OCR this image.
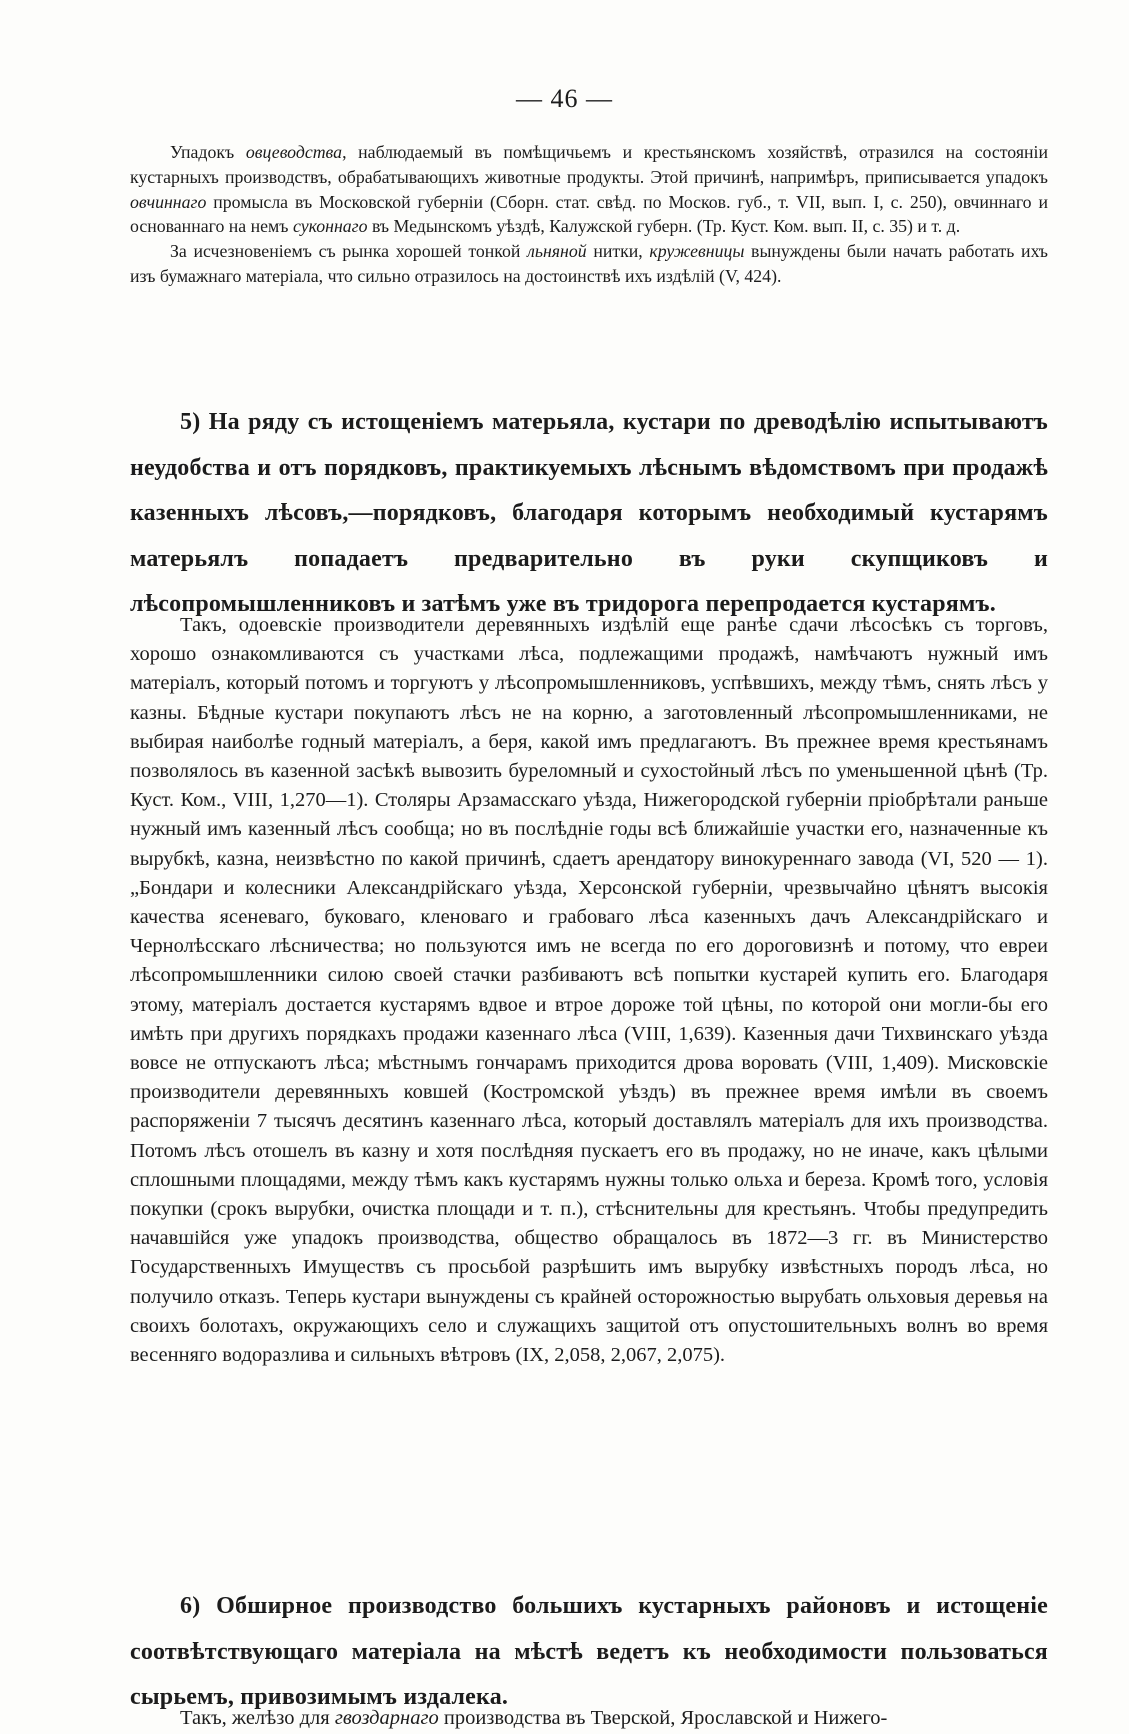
— 46 —

Упадокъ овцеводства, наблюдаемый въ помѣщичьемъ и крестьянскомъ хозяйствѣ, отразился на состояніи кустарныхъ производствъ, обрабатывающихъ животные продукты. Этой причинѣ, напримѣръ, приписывается упадокъ овчиннаго промысла въ Московской губерніи (Сборн. стат. свѣд. по Москов. губ., т. VII, вып. I, с. 250), овчиннаго и основаннаго на немъ суконнаго въ Медынскомъ уѣздѣ, Калужской губерн. (Тр. Куст. Ком. вып. II, с. 35) и т. д.

За исчезновеніемъ съ рынка хорошей тонкой льняной нитки, кружевницы вынуждены были начать работать ихъ изъ бумажнаго матеріала, что сильно отразилось на достоинствѣ ихъ издѣлій (V, 424).

5) На ряду съ истощеніемъ матерьяла, кустари по древодѣлію испытываютъ неудобства и отъ порядковъ, практикуемыхъ лѣснымъ вѣдомствомъ при продажѣ казенныхъ лѣсовъ,—порядковъ, благодаря которымъ необходимый кустарямъ матерьялъ попадаетъ предварительно въ руки скупщиковъ и лѣсопромышленниковъ и затѣмъ уже въ тридорога перепродается кустарямъ.

Такъ, одоевскіе производители деревянныхъ издѣлій еще ранѣе сдачи лѣсосѣкъ съ торговъ, хорошо ознакомливаются съ участками лѣса, подлежащими продажѣ, намѣчаютъ нужный имъ матеріалъ, который потомъ и торгуютъ у лѣсопромышленниковъ, успѣвшихъ, между тѣмъ, снять лѣсъ у казны. Бѣдные кустари покупаютъ лѣсъ не на корню, а заготовленный лѣсопромышленниками, не выбирая наиболѣе годный матеріалъ, а беря, какой имъ предлагаютъ. Въ прежнее время крестьянамъ позволялось въ казенной засѣкѣ вывозить буреломный и сухостойный лѣсъ по уменьшенной цѣнѣ (Тр. Куст. Ком., VIII, 1,270—1). Столяры Арзамасскаго уѣзда, Нижегородской губерніи пріобрѣтали раньше нужный имъ казенный лѣсъ сообща; но въ послѣдніе годы всѣ ближайшіе участки его, назначенные къ вырубкѣ, казна, неизвѣстно по какой причинѣ, сдаетъ арендатору винокуреннаго завода (VI, 520 — 1). „Бондари и колесники Александрійскаго уѣзда, Херсонской губерніи, чрезвычайно цѣнятъ высокія качества ясеневаго, буковаго, кленоваго и грабоваго лѣса казенныхъ дачъ Александрійскаго и Чернолѣсскаго лѣсничества; но пользуются имъ не всегда по его дороговизнѣ и потому, что евреи лѣсопромышленники силою своей стачки разбиваютъ всѣ попытки кустарей купить его. Благодаря этому, матеріалъ достается кустарямъ вдвое и втрое дороже той цѣны, по которой они могли-бы его имѣть при другихъ порядкахъ продажи казеннаго лѣса (VIII, 1,639). Казенныя дачи Тихвинскаго уѣзда вовсе не отпускаютъ лѣса; мѣстнымъ гончарамъ приходится дрова воровать (VIII, 1,409). Мисковскіе производители деревянныхъ ковшей (Костромской уѣздъ) въ прежнее время имѣли въ своемъ распоряженіи 7 тысячъ десятинъ казеннаго лѣса, который доставлялъ матеріалъ для ихъ производства. Потомъ лѣсъ отошелъ въ казну и хотя послѣдняя пускаетъ его въ продажу, но не иначе, какъ цѣлыми сплошными площадями, между тѣмъ какъ кустарямъ нужны только ольха и береза. Кромѣ того, условія покупки (срокъ вырубки, очистка площади и т. п.), стѣснительны для крестьянъ. Чтобы предупредить начавшійся уже упадокъ производства, общество обращалось въ 1872—3 гг. въ Министерство Государственныхъ Имуществъ съ просьбой разрѣшить имъ вырубку извѣстныхъ породъ лѣса, но получило отказъ. Теперь кустари вынуждены съ крайней осторожностью вырубать ольховыя деревья на своихъ болотахъ, окружающихъ село и служащихъ защитой отъ опустошительныхъ волнъ во время весенняго водоразлива и сильныхъ вѣтровъ (IX, 2,058, 2,067, 2,075).

6) Обширное производство большихъ кустарныхъ районовъ и истощеніе соотвѣтствующаго матеріала на мѣстѣ ведетъ къ необходимости пользоваться сырьемъ, привозимымъ издалека.

Такъ, желѣзо для гвоздарнаго производства въ Тверской, Ярославской и Нижего-
